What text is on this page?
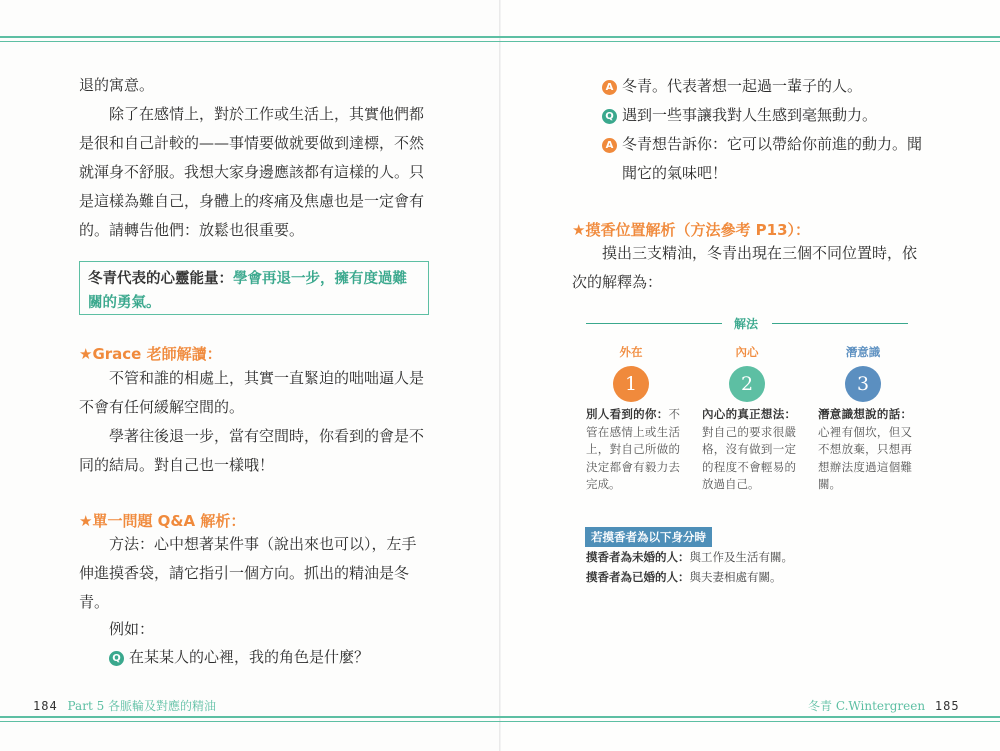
退的寓意。

除了在感情上，對於工作或生活上，其實他們都

是很和自己計較的——事情要做就要做到達標，不然

就渾身不舒服。我想大家身邊應該都有這樣的人。只

是這樣為難自己，身體上的疼痛及焦慮也是一定會有

的。請轉告他們：放鬆也很重要。

冬青代表的心靈能量：學會再退一步，擁有度過難
關的勇氣。
★Grace 老師解讀：

不管和誰的相處上，其實一直緊迫的咄咄逼人是

不會有任何緩解空間的。

學著往後退一步，當有空間時，你看到的會是不

同的結局。對自己也一樣哦！

★單一問題 Q&A 解析：

方法：心中想著某件事（說出來也可以），左手

伸進摸香袋，請它指引一個方向。抓出的精油是冬

青。

例如：

Q 在某某人的心裡，我的角色是什麼？
184 Part 5 各脈輪及對應的精油
A 冬青。代表著想一起過一輩子的人。
Q 遇到一些事讓我對人生感到毫無動力。
A 冬青想告訴你：它可以帶給你前進的動力。聞
聞它的氣味吧！
★摸香位置解析（方法參考 P13）：

摸出三支精油，冬青出現在三個不同位置時，依

次的解釋為：

解法
外在
1
別人看到的你：不管在感情上或生活上，對自己所做的決定都會有毅力去完成。
內心
2
內心的真正想法：對自己的要求很嚴格，沒有做到一定的程度不會輕易的放過自己。
潛意識
3
潛意識想說的話：心裡有個坎，但又不想放棄，只想再想辦法度過這個難關。
若摸香者為以下身分時
摸香者為未婚的人：與工作及生活有關。
摸香者為已婚的人：與夫妻相處有關。
冬青 C.Wintergreen 185
